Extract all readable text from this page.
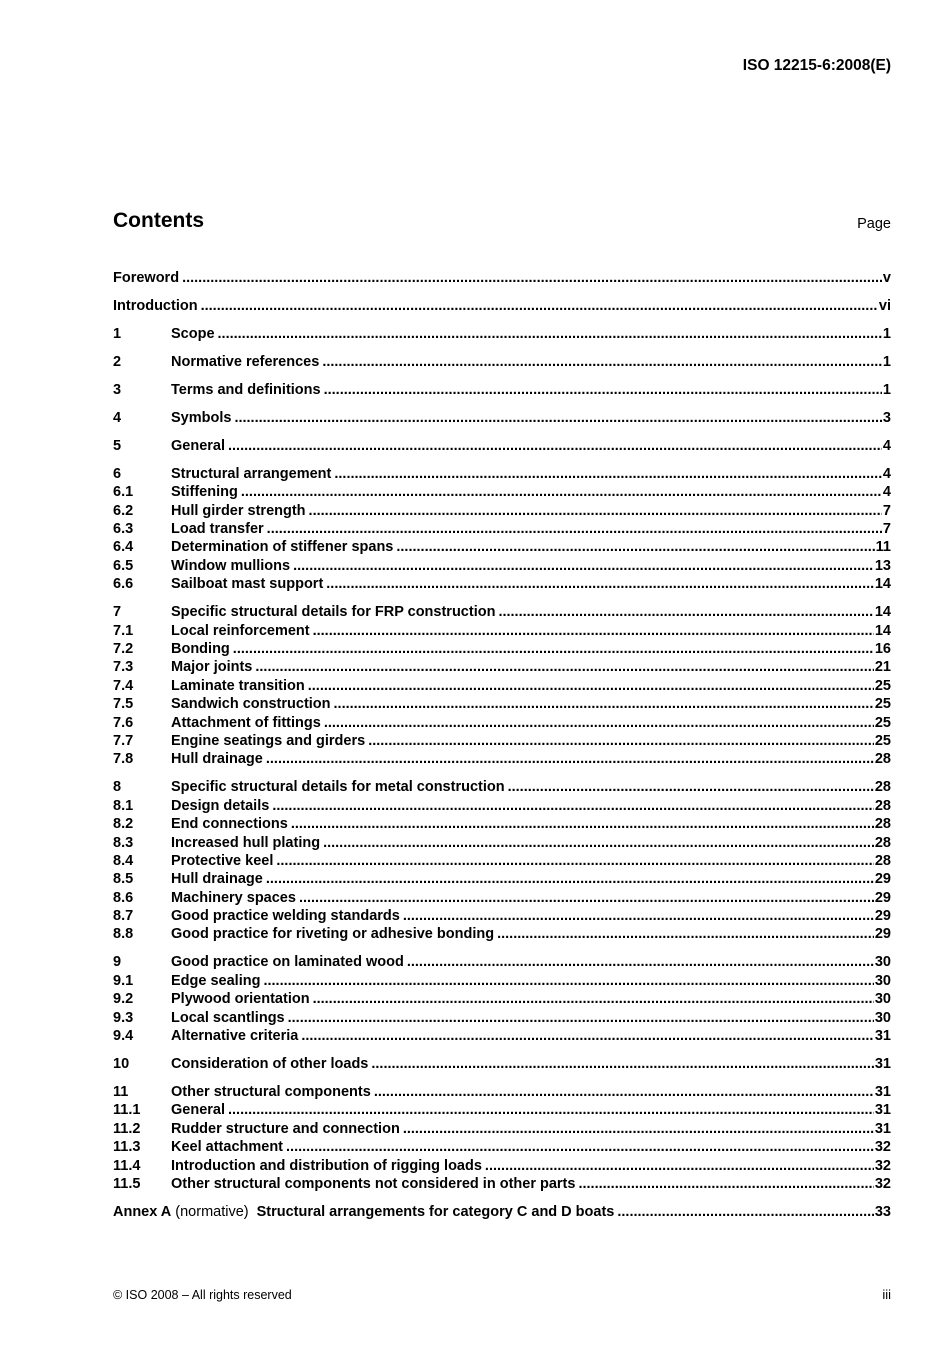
ISO 12215-6:2008(E)
Contents	Page
Foreword .....	v
Introduction .....	vi
1	Scope .....	1
2	Normative references .....	1
3	Terms and definitions .....	1
4	Symbols .....	3
5	General .....	4
6	Structural arrangement .....	4
6.1	Stiffening .....	4
6.2	Hull girder strength .....	7
6.3	Load transfer .....	7
6.4	Determination of stiffener spans .....	11
6.5	Window mullions .....	13
6.6	Sailboat mast support .....	14
7	Specific structural details for FRP construction .....	14
7.1	Local reinforcement .....	14
7.2	Bonding .....	16
7.3	Major joints .....	21
7.4	Laminate transition .....	25
7.5	Sandwich construction .....	25
7.6	Attachment of fittings .....	25
7.7	Engine seatings and girders .....	25
7.8	Hull drainage .....	28
8	Specific structural details for metal construction .....	28
8.1	Design details .....	28
8.2	End connections .....	28
8.3	Increased hull plating .....	28
8.4	Protective keel .....	28
8.5	Hull drainage .....	29
8.6	Machinery spaces .....	29
8.7	Good practice welding standards .....	29
8.8	Good practice for riveting or adhesive bonding .....	29
9	Good practice on laminated wood .....	30
9.1	Edge sealing .....	30
9.2	Plywood orientation .....	30
9.3	Local scantlings .....	30
9.4	Alternative criteria .....	31
10	Consideration of other loads .....	31
11	Other structural components .....	31
11.1	General .....	31
11.2	Rudder structure and connection .....	31
11.3	Keel attachment .....	32
11.4	Introduction and distribution of rigging loads .....	32
11.5	Other structural components not considered in other parts .....	32
Annex A (normative) Structural arrangements for category C and D boats .....	33
© ISO 2008 – All rights reserved	iii
